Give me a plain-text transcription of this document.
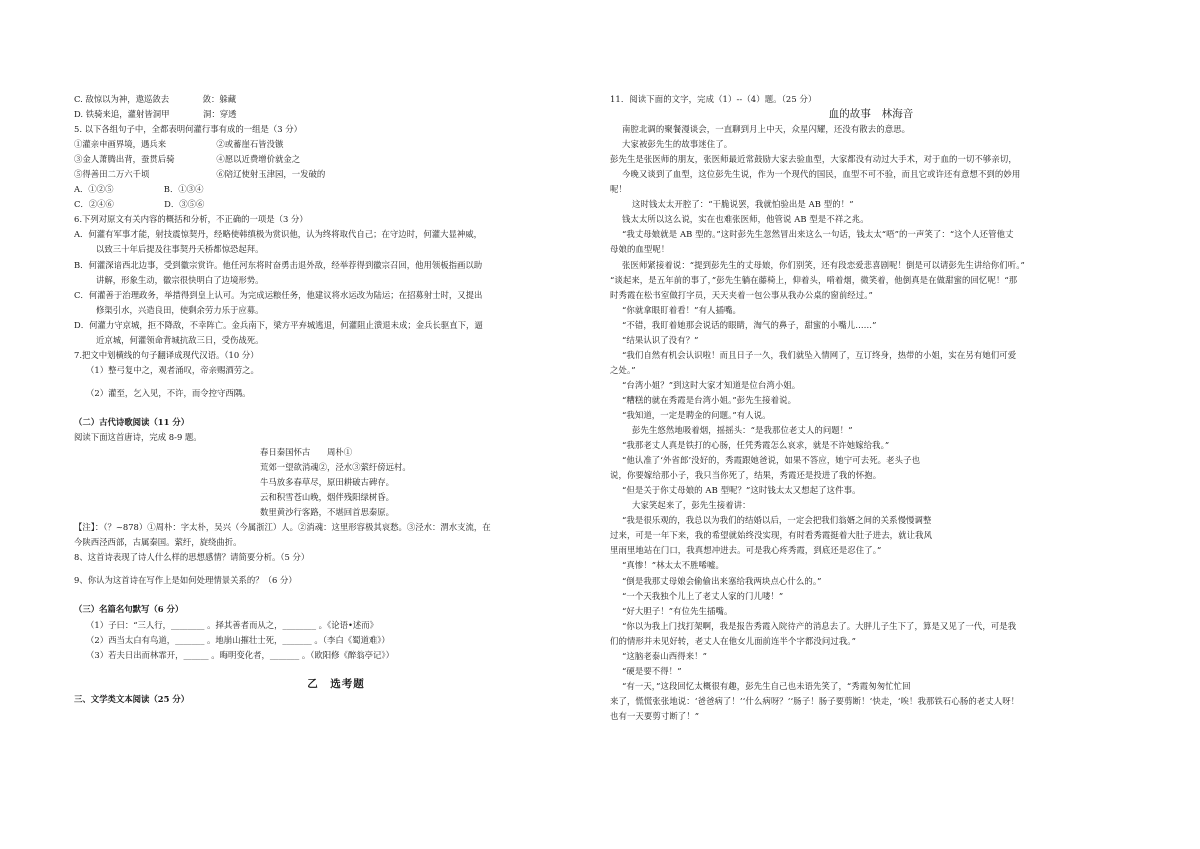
C. 敌惊以为神，遨巡敛去　　　　敛：躲藏
D. 铁骑来追，灌射皆洞甲　　　　洞：穿透
5. 以下各组句子中，全都表明何灌行事有成的一组是（3 分）
①灌亲申画界境，遇兵来　　　　　　②或蓄崖石皆没镞
③金人萧腾出背，蚕贯后骑　　　　　④愿以近费增价就金之
⑤得善田二万六千顷　　　　　　　　⑥陪辽使射玉津园，一发破的
A．①②⑤　　　　　　B．①③④
C．②④⑥　　　　　　D．③⑤⑥
6.下列对原文有关内容的概括和分析，不正确的一项是（3 分）
A．何灌有军事才能，射技震惊契丹，经略使韩缜极为赏识他，认为终将取代自己；在守边时，何灌大显神威，
以致三十年后提及往事契丹夭桥都惊恐起拜。
B．何灌深谙西北边事，受到徽宗赏许。他任河东将时奋勇击退外敌，经举荐得到徽宗召回，他用领板指画以助
讲解，形象生动，徽宗很快明白了边境形势。
C．何灌善于治理政务，举措得到皇上认可。为完成运粮任务，他建议将水运改为陆运；在招募射士时，又提出
修渠引水，兴造良田，使剩余劳力乐于应募。
D．何灌力守京城，拒不降敌，不幸阵亡。金兵南下，梁方平弃城逃退，何灌阻止溃退未成；金兵长驱直下，逼
近京城，何灌领命背城抗敌三日，受伤战死。
7.把文中划横线的句子翻译成现代汉语。（10 分）
（1）整弓复中之，观者涌叹，帝亲赐酒劳之。
（2）灌至，乞入见，不许，而令控守西隅。
（二）古代诗歌阅读（11 分）
阅读下面这首唐诗，完成 8-9 题。
春日秦国怀古　　周朴①
荒郊一望欲消魂②，泾水③萦纡傍远村。
牛马放多春草尽，原田耕破古碑存。
云和积雪苍山晚，烟伴残阳绿树昏。
数里黄沙行客路，不堪回首思秦原。
【注】：（？~878）①周朴：字太朴，吴兴（今属浙江）人。②消魂：这里形容极其哀愁。③泾水：渭水支流，在
今陕西泾西部，古属秦国。萦纡，旋绕曲折。
8、这首诗表现了诗人什么样的思想感情？请简要分析。（5 分）
9、你认为这首诗在写作上是如何处理情景关系的？（6 分）
（三）名篇名句默写（6 分）
（1）子曰：“三人行，________ 。择其善者而从之，________ 。《论语•述而》
（2）西当太白有鸟道，_______ 。地崩山摧壮士死，_______ 。（李白《蜀道难》）
（3）若夫日出而林霏开，______ 。晦明变化者，_______ 。（欧阳修《醉翁亭记》）
乙　选考题
三、文学类文本阅读（25 分）
11．阅读下面的文字，完成（1）--（4）题。（25 分）
血的故事　林海音
南腔北调的聚餐漫谈会，一直聊到月上中天，众星闪耀，还没有散去的意思。
大家被彭先生的故事迷住了。
彭先生是张医师的朋友，张医师最近常鼓励大家去验血型，大家都没有动过大手术，对于血的一切不够亲切，
今晚又谈到了血型，这位彭先生说，作为一个现代的国民，血型不可不验，而且它或许还有意想不到的妙用
呢！
这时钱太太开腔了：“干脆说罢，我就怕验出是 AB 型的！”
钱太太所以这么说，实在也难张医师，他管说 AB 型是不祥之兆。
“我丈母娘就是 AB 型的。”这时彭先生忽然冒出来这么一句话，钱太太“唔”的一声笑了：“这个人还管他丈
母娘的血型呢！
张医师紧接着说：“提到彭先生的丈母娘，你们别笑，还有段恋爱悲喜剧呢！倒是可以请彭先生讲给你们听。”
“谈起来，是五年前的事了，”彭先生躺在藤椅上，仰着头，啃着烟，微笑着，他倒真是在做甜蜜的回忆呢！“那
时秀霞在松书室做打字员，天天夹着一包公事从我办公桌的窗前经过。”
“你就拿眼盯着看！”有人插嘴。
“不错，我盯着她那会说话的眼睛，淘气的鼻子，甜蜜的小嘴儿……”
“结果认识了没有？”
“我们自然有机会认识啦！而且日子一久，我们就坠入情网了，互订终身，热带的小姐，实在另有她们可爱
之处。”
“台湾小姐？”到这时大家才知道是位台湾小姐。
“糟糕的就在秀霞是台湾小姐。”彭先生接着说。
“我知道，一定是聘金的问题。”有人说。
彭先生悠然地吸着烟，摇摇头：“是我那位老丈人的问题！”
“我那老丈人真是铁打的心肠，任凭秀霞怎么哀求，就是不许她嫁给我。”
“他认准了‘外省郎’没好的，秀霞跟她爸说，如果不答应，她宁可去死。老头子也
说，你要嫁给那小子，我只当你死了，结果，秀霞还是投进了我的怀抱。
“但是关于你丈母娘的 AB 型呢？”这时钱太太又想起了这件事。
大家笑起来了，彭先生接着讲：
“我是很乐观的，我总以为我们的结婚以后，一定会把我们翁婿之间的关系慢慢调整
过来，可是一年下来，我的希望就始终没实现，有时看秀霞挺着大肚子进去，就让我风
里雨里地站在门口，我真想冲进去。可是我心疼秀霞，到底还是忍住了。”
“真惨！”林太太不胜唏嘘。
“倒是我那丈母娘会偷偷出来塞给我两块点心什么的。”
“一个天我独个儿上了老丈人家的门儿喽！”
“好大胆子！”有位先生插嘴。
“你以为我上门找打架啊，我是报告秀霞入院待产的消息去了。大胖儿子生下了，算是又见了一代，可是我
们的情形并未见好转，老丈人在他女儿面前连半个字都没问过我。”
“这脑老泰山西得来！”
“硬是要不得！”
“有一天，”这段回忆太概很有趣，彭先生自己也未语先笑了，“秀霞匆匆忙忙回
来了，慌慌张张地说：‘爸爸病了！’‘什么病呀？’‘肠子！肠子要剪断！’快走，‘唉！我那铁石心肠的老丈人呀！
也有一天要剪寸断了！”
